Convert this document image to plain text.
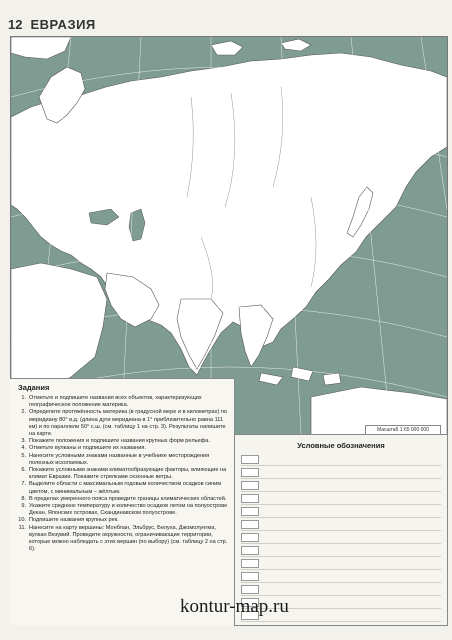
12 ЕВРАЗИЯ
Масштаб 1:65 000 000
Задания
1. Отметьте и подпишите названия всех объектов, характеризующих географическое положение материка.
2. Определите протяжённость материка (в градусной мере и в километрах) по меридиану 80° в.д. (длина дуги меридиана в 1° приблизительно равна 111 км) и по параллели 50° с.ш. (см. таблицу 1 на стр. 3). Результаты напишите на карте.
3. Покажите положения и подпишите названия крупных форм рельефа.
4. Отметьте вулканы и подпишите их названия.
5. Нанесите условными знаками названные в учебнике месторождения полезных ископаемых.
6. Покажите условными знаками климатообразующие факторы, влияющие на климат Евразии. Покажите стрелками сезонные ветры.
7. Выделите области с максимальным годовым количеством осадков синим цветом, с минимальным – жёлтым.
8. В пределах умеренного пояса проведите границы климатических областей.
9. Укажите среднюю температуру и количество осадков летом на полуострове Декан, Японских островах, Скандинавском полуострове.
10. Подпишите названия крупных рек.
11. Нанесите на карту вершины: Монблан, Эльбрус, Белуха, Джомолунгма, вулкан Везувий. Проведите окружности, ограничивающие территории, которые можно наблюдать с этих вершин (по выбору) (см. таблицу 2 на стр. 6).
Условные обозначения
kontur-map.ru
